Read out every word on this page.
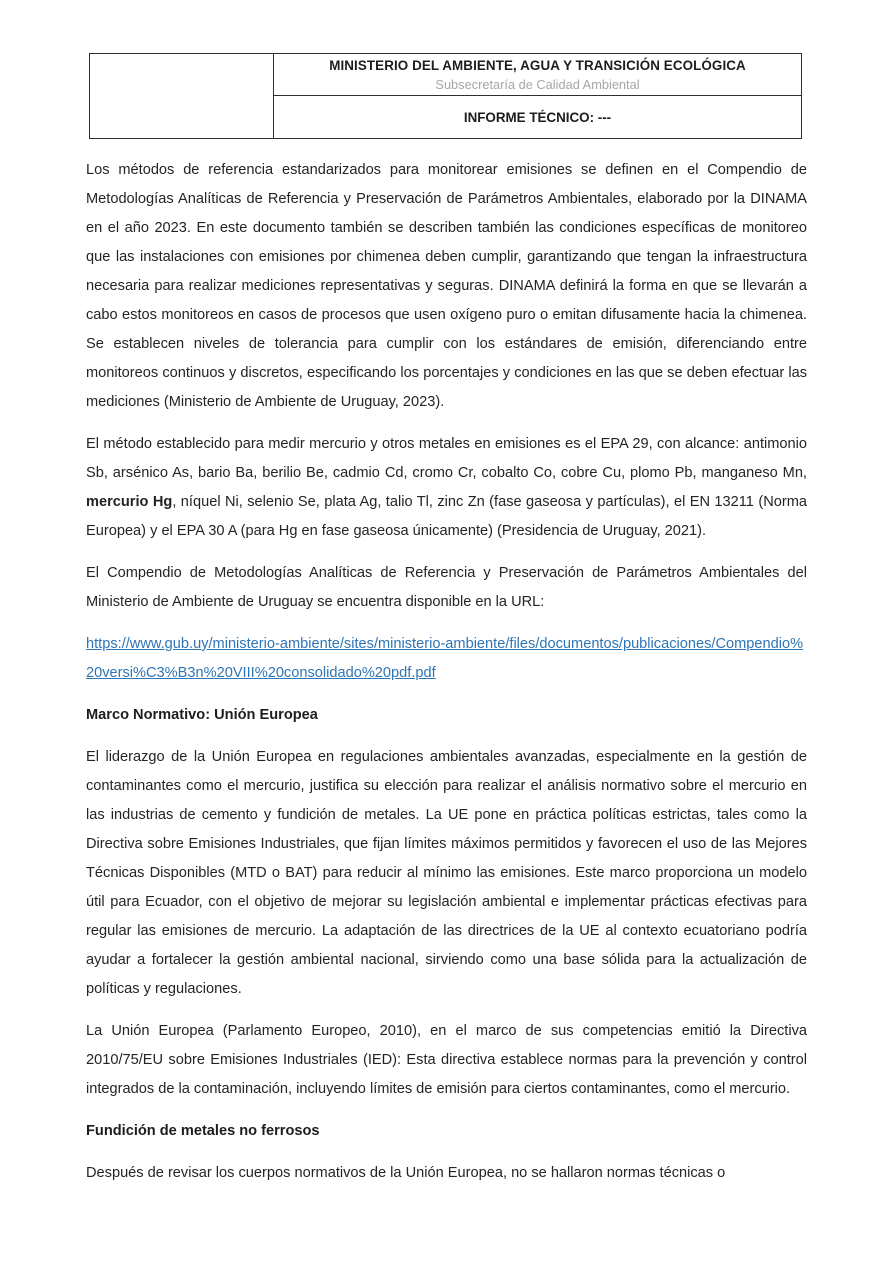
MINISTERIO DEL AMBIENTE, AGUA Y TRANSICIÓN ECOLÓGICA
Subsecretaría de Calidad Ambiental

INFORME TÉCNICO: ---

Los métodos de referencia estandarizados para monitorear emisiones se definen en el Compendio de Metodologías Analíticas de Referencia y Preservación de Parámetros Ambientales, elaborado por la DINAMA en el año 2023. En este documento también se describen también las condiciones específicas de monitoreo que las instalaciones con emisiones por chimenea deben cumplir, garantizando que tengan la infraestructura necesaria para realizar mediciones representativas y seguras. DINAMA definirá la forma en que se llevarán a cabo estos monitoreos en casos de procesos que usen oxígeno puro o emitan difusamente hacia la chimenea. Se establecen niveles de tolerancia para cumplir con los estándares de emisión, diferenciando entre monitoreos continuos y discretos, especificando los porcentajes y condiciones en las que se deben efectuar las mediciones (Ministerio de Ambiente de Uruguay, 2023).

El método establecido para medir mercurio y otros metales en emisiones es el EPA 29, con alcance: antimonio Sb, arsénico As, bario Ba, berilio Be, cadmio Cd, cromo Cr, cobalto Co, cobre Cu, plomo Pb, manganeso Mn, mercurio Hg, níquel Ni, selenio Se, plata Ag, talio Tl, zinc Zn (fase gaseosa y partículas), el EN 13211 (Norma Europea) y el EPA 30 A (para Hg en fase gaseosa únicamente) (Presidencia de Uruguay, 2021).

El Compendio de Metodologías Analíticas de Referencia y Preservación de Parámetros Ambientales del Ministerio de Ambiente de Uruguay se encuentra disponible en la URL:

https://www.gub.uy/ministerio-ambiente/sites/ministerio-ambiente/files/documentos/publicaciones/Compendio%20versi%C3%B3n%20VIII%20consolidado%20pdf.pdf

Marco Normativo: Unión Europea

El liderazgo de la Unión Europea en regulaciones ambientales avanzadas, especialmente en la gestión de contaminantes como el mercurio, justifica su elección para realizar el análisis normativo sobre el mercurio en las industrias de cemento y fundición de metales. La UE pone en práctica políticas estrictas, tales como la Directiva sobre Emisiones Industriales, que fijan límites máximos permitidos y favorecen el uso de las Mejores Técnicas Disponibles (MTD o BAT) para reducir al mínimo las emisiones. Este marco proporciona un modelo útil para Ecuador, con el objetivo de mejorar su legislación ambiental e implementar prácticas efectivas para regular las emisiones de mercurio. La adaptación de las directrices de la UE al contexto ecuatoriano podría ayudar a fortalecer la gestión ambiental nacional, sirviendo como una base sólida para la actualización de políticas y regulaciones.

La Unión Europea (Parlamento Europeo, 2010), en el marco de sus competencias emitió la Directiva 2010/75/EU sobre Emisiones Industriales (IED): Esta directiva establece normas para la prevención y control integrados de la contaminación, incluyendo límites de emisión para ciertos contaminantes, como el mercurio.

Fundición de metales no ferrosos

Después de revisar los cuerpos normativos de la Unión Europea, no se hallaron normas técnicas o
